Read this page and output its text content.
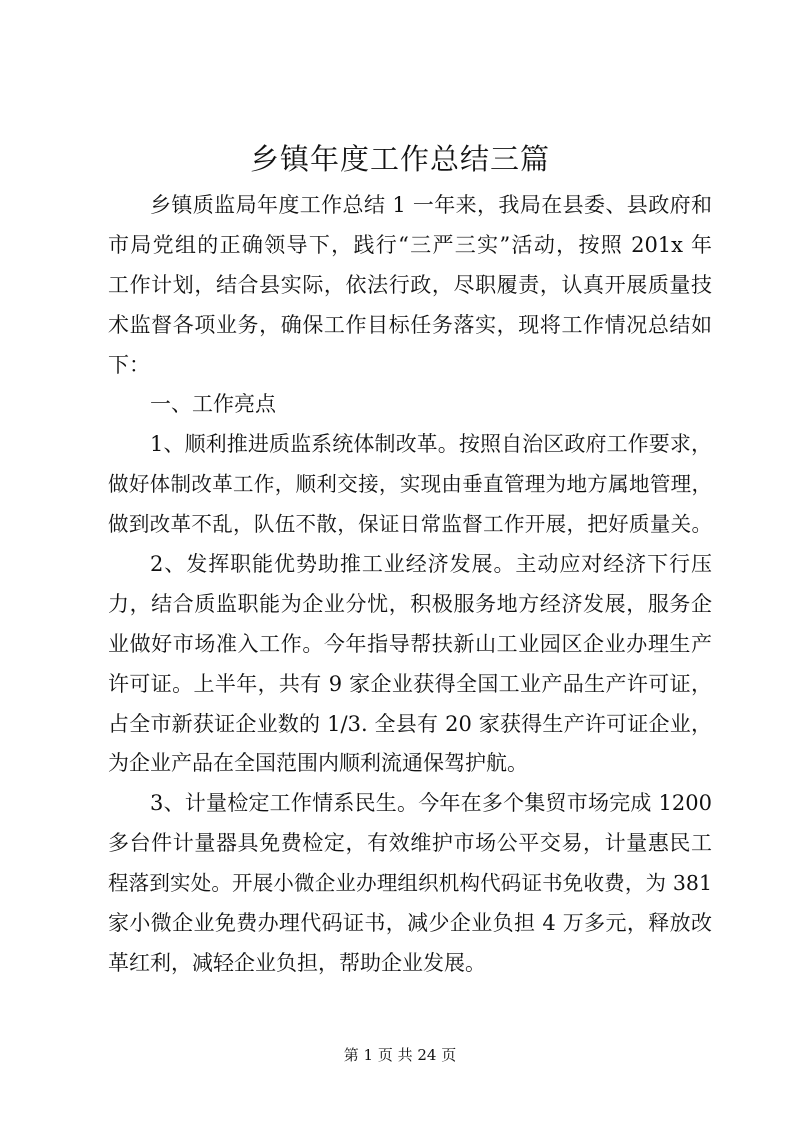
乡镇年度工作总结三篇
乡镇质监局年度工作总结 1 一年来，我局在县委、县政府和
市局党组的正确领导下，践行“三严三实”活动，按照 201x 年
工作计划，结合县实际，依法行政，尽职履责，认真开展质量技
术监督各项业务，确保工作目标任务落实，现将工作情况总结如
下：
一、工作亮点
1、顺利推进质监系统体制改革。按照自治区政府工作要求，
做好体制改革工作，顺利交接，实现由垂直管理为地方属地管理，
做到改革不乱，队伍不散，保证日常监督工作开展，把好质量关。
2、发挥职能优势助推工业经济发展。主动应对经济下行压
力，结合质监职能为企业分忧，积极服务地方经济发展，服务企
业做好市场准入工作。今年指导帮扶新山工业园区企业办理生产
许可证。上半年，共有 9 家企业获得全国工业产品生产许可证，
占全市新获证企业数的 1/3. 全县有 20 家获得生产许可证企业，
为企业产品在全国范围内顺利流通保驾护航。
3、计量检定工作情系民生。今年在多个集贸市场完成 1200
多台件计量器具免费检定，有效维护市场公平交易，计量惠民工
程落到实处。开展小微企业办理组织机构代码证书免收费，为 381
家小微企业免费办理代码证书，减少企业负担 4 万多元，释放改
革红利，减轻企业负担，帮助企业发展。
第 1 页 共 24 页
